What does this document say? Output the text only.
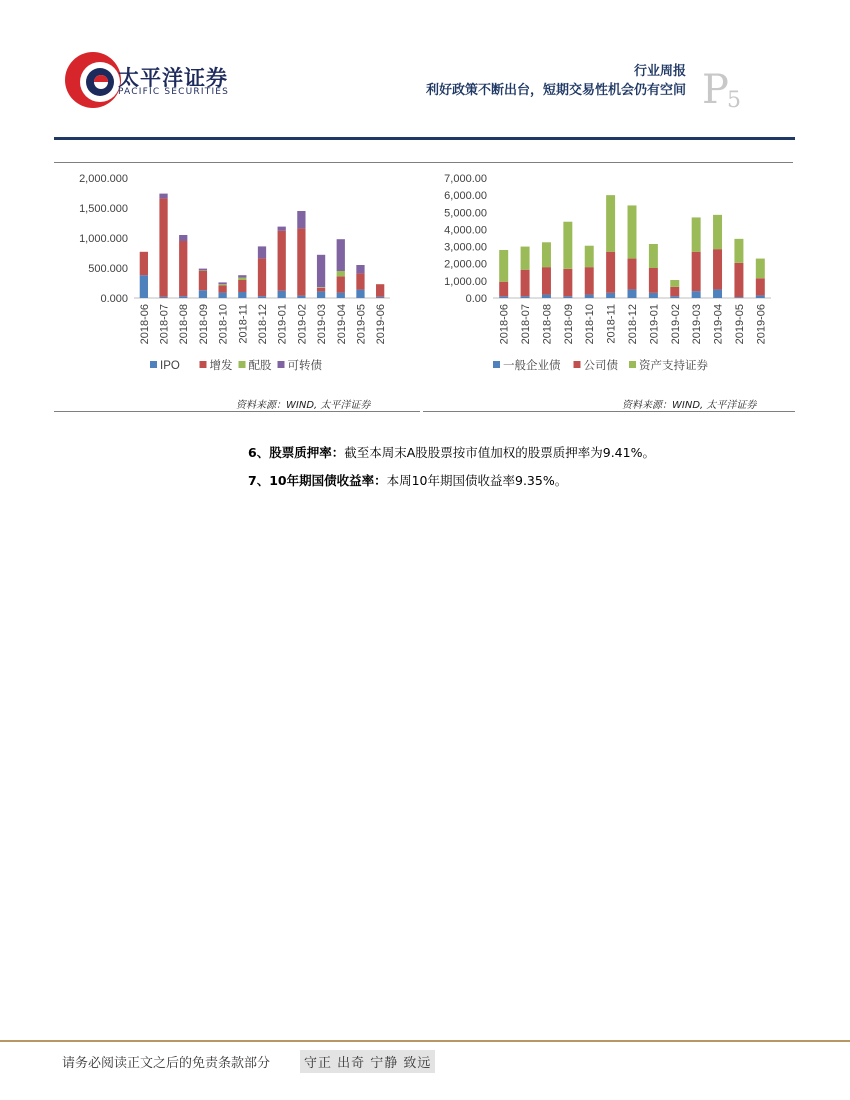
太平洋证券
PACIFIC SECURITIES
行业周报
利好政策不断出台，短期交易性机会仍有空间 P
5
0.000
500.000
1,000.000
1,500.000
2,000.000
2018-06 2018-07 2018-08 2018-09 2018-10 2018-11 2018-12 2019-01 2019-02 2019-03 2019-04 2019-05 2019-06
IPO	增发 配股 可转债
0.00
1,000.00
2,000.00
3,000.00
4,000.00
5,000.00
6,000.00
7,000.00
2018-06 2018-07 2018-08 2018-09 2018-10 2018-11 2018-12 2019-01 2019-02 2019-03 2019-04 2019-05 2019-06
一般企业债 公司债 资产支持证券
资料来源：WIND, 太平洋证券	资料来源：WIND, 太平洋证券
6、股票质押率：截至本周末A股股票按市值加权的股票质押率为9.41%。
7、10年期国债收益率：本周10年期国债收益率9.35%。
请务必阅读正文之后的免责条款部分	守正 出奇 宁静 致远
